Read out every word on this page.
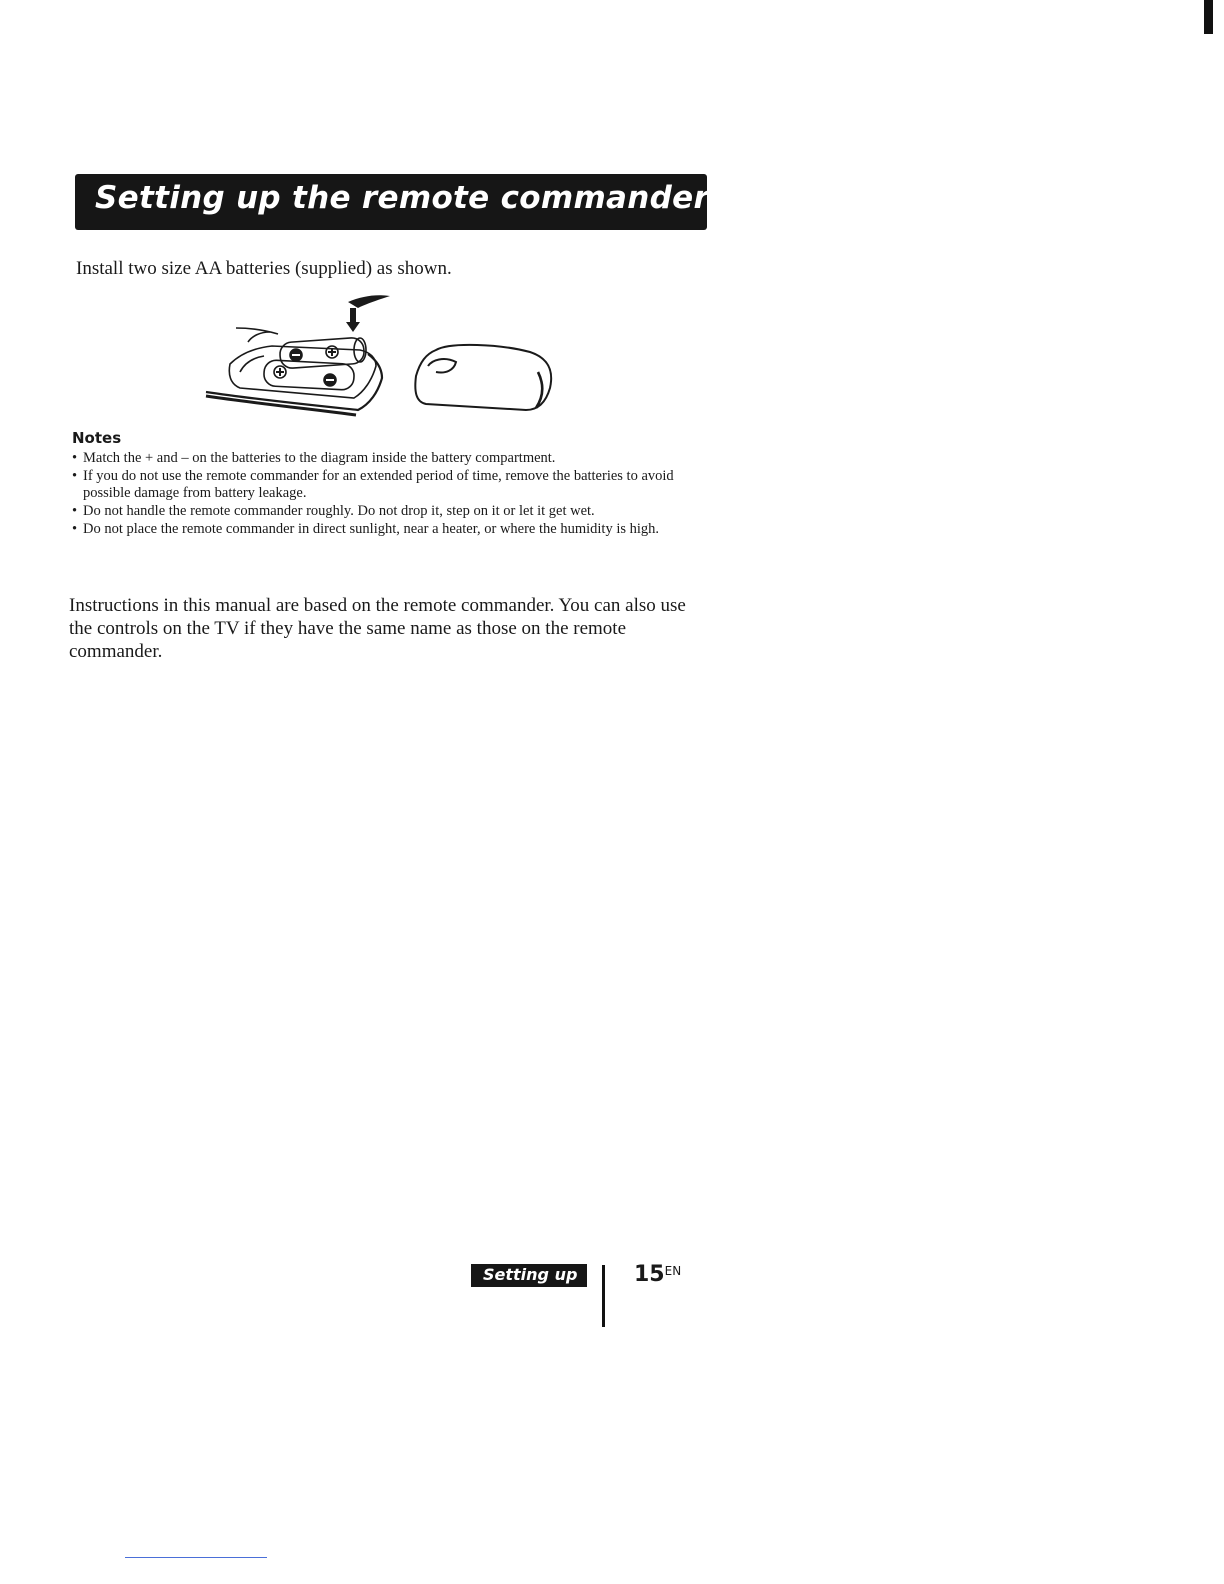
Setting up the remote commander
Install two size AA batteries (supplied) as shown.
Notes
• Match the + and – on the batteries to the diagram inside the battery compartment.
• If you do not use the remote commander for an extended period of time, remove the batteries to avoid possible damage from battery leakage.
• Do not handle the remote commander roughly. Do not drop it, step on it or let it get wet.
• Do not place the remote commander in direct sunlight, near a heater, or where the humidity is high.
Instructions in this manual are based on the remote commander. You can also use the controls on the TV if they have the same name as those on the remote commander.
Setting up	$15^{EN}$
